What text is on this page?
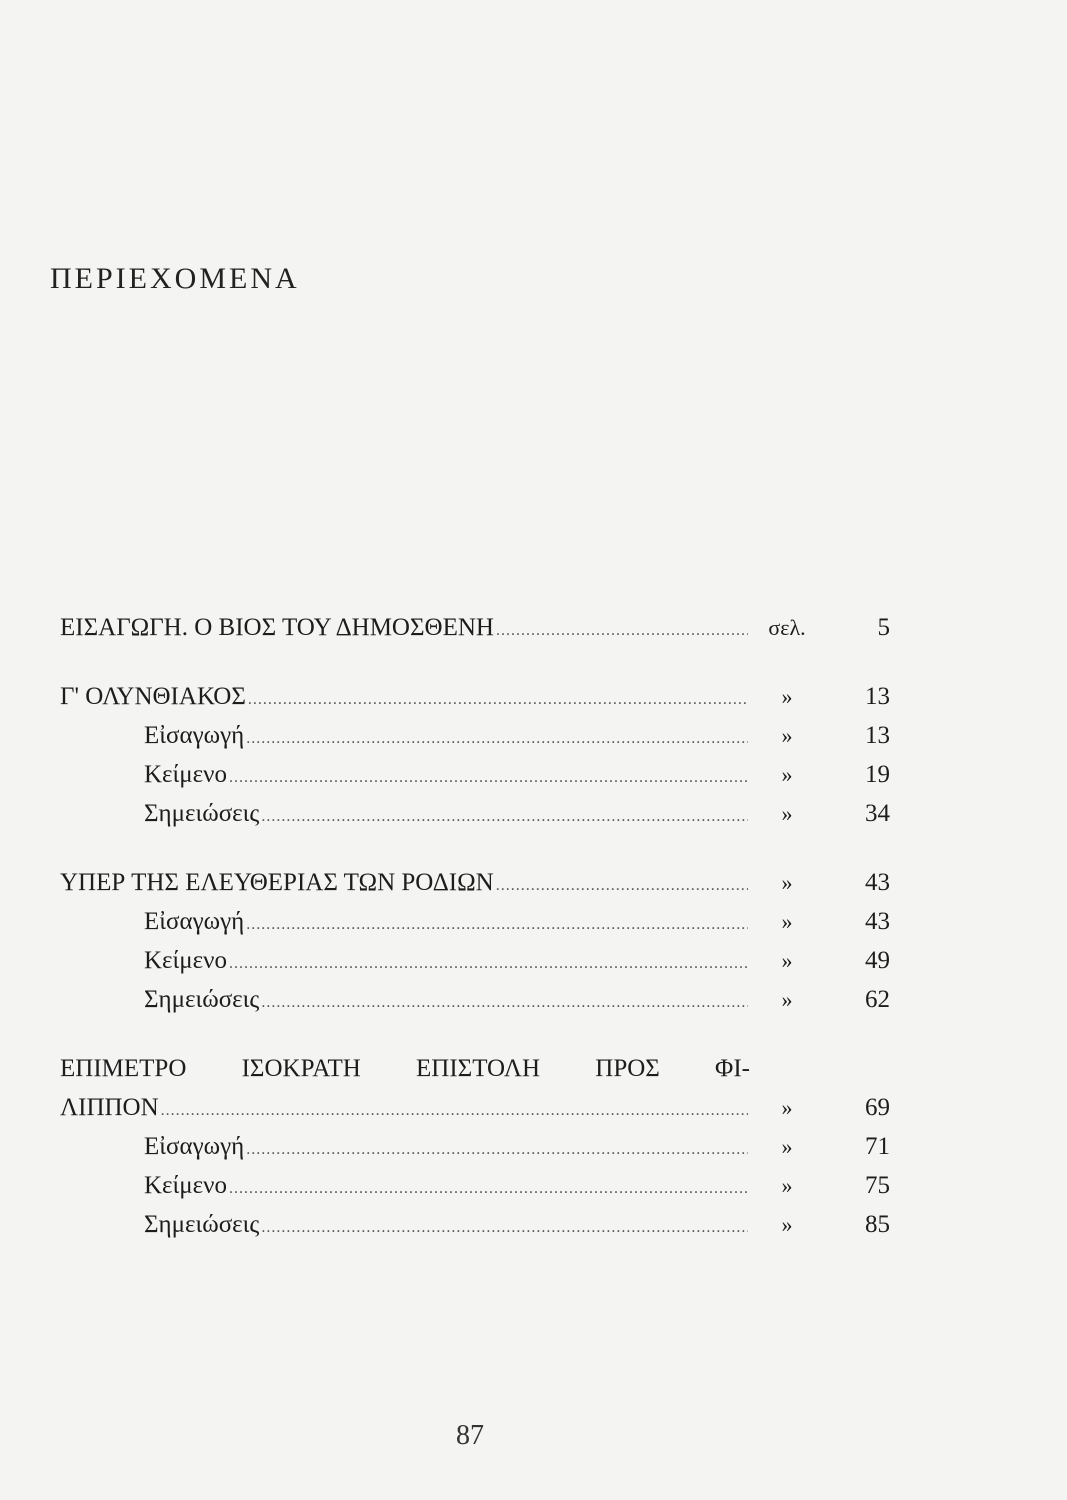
ΠΕΡΙΕΧΟΜΕΝΑ
ΕΙΣΑΓΩΓΗ. Ο ΒΙΟΣ ΤΟΥ ΔΗΜΟΣΘΕΝΗ .....	σελ.	5
Γ' ΟΛΥΝΘΙΑΚΟΣ .....	»	13
Εἰσαγωγή .....	»	13
Κείμενο .....	»	19
Σημειώσεις .....	»	34
ΥΠΕΡ ΤΗΣ ΕΛΕΥΘΕΡΙΑΣ ΤΩΝ ΡΟΔΙΩΝ .....	»	43
Εἰσαγωγή .....	»	43
Κείμενο .....	»	49
Σημειώσεις .....	»	62
ΕΠΙΜΕΤΡΟ ΙΣΟΚΡΑΤΗ ΕΠΙΣΤΟΛΗ ΠΡΟΣ ΦΙ-
ΛΙΠΠΟΝ .....	»	69
Εἰσαγωγή .....	»	71
Κείμενο .....	»	75
Σημειώσεις .....	»	85
87
